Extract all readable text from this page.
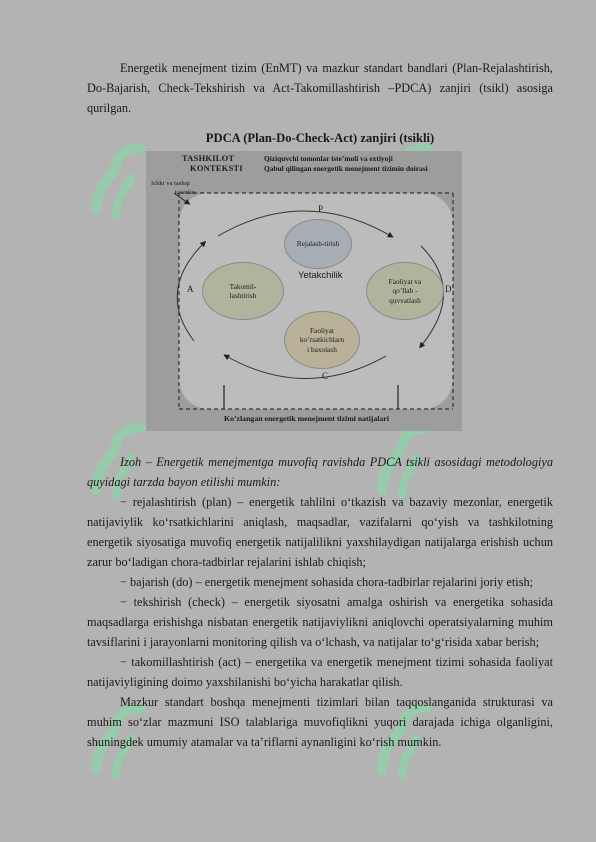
Energetik menejment tizim (EnMT) va mazkur standart bandlari (Plan-Rejalashtirish, Do-Bajarish, Check-Tekshirish va Act-Takomillashtirish –PDCA) zanjiri (tsikl) asosiga qurilgan.
PDCA (Plan-Do-Check-Act) zanjiri (tsikli)
TASHKILOT
KONTEKSTI
Qiziquvchi tomonlar iste’moli va extiyoji
Qabul qilingan energetik menejment tizimin doirasi
Ichki va tashqi
ta’sirlar
P
A	D
C
Rejalash-tirish
Takomil-
lashtirish
Faoliyat va
qo’llab -
quvvatlash
Faoliyat
ko’rsatkichlarn
i baxolash
Yetakchilik
Ko’zlangan energetik menejment tizimi natijalari
Izoh – Energetik menejmentga muvofiq ravishda PDCA tsikli asosidagi metodologiya quyidagi tarzda bayon etilishi mumkin:
− rejalashtirish (plan) – energetik tahlilni o‘tkazish va bazaviy mezonlar, energetik natijaviylik ko‘rsatkichlarini aniqlash, maqsadlar, vazifalarni qo‘yish va tashkilotning energetik siyosatiga muvofiq energetik natijalilikni yaxshilaydigan natijalarga erishish uchun zarur bo‘ladigan chora-tadbirlar rejalarini ishlab chiqish;
− bajarish (do) – energetik menejment sohasida chora-tadbirlar rejalarini joriy etish;
− tekshirish (check) – energetik siyosatni amalga oshirish va energetika sohasida maqsadlarga erishishga nisbatan energetik natijaviylikni aniqlovchi operatsiyalarning muhim tavsiflarini i jarayonlarni monitoring qilish va o‘lchash, va natijalar to‘g‘risida xabar berish;
− takomillashtirish (act) – energetika va energetik menejment tizimi sohasida faoliyat natijaviyligining doimo yaxshilanishi bo‘yicha harakatlar qilish.
Mazkur standart boshqa menejmenti tizimlari bilan taqqoslanganida strukturasi va muhim so‘zlar mazmuni ISO talablariga muvofiqlikni yuqori darajada ichiga olganligini, shuningdek umumiy atamalar va ta’riflarni aynanligini ko‘rish mumkin.
